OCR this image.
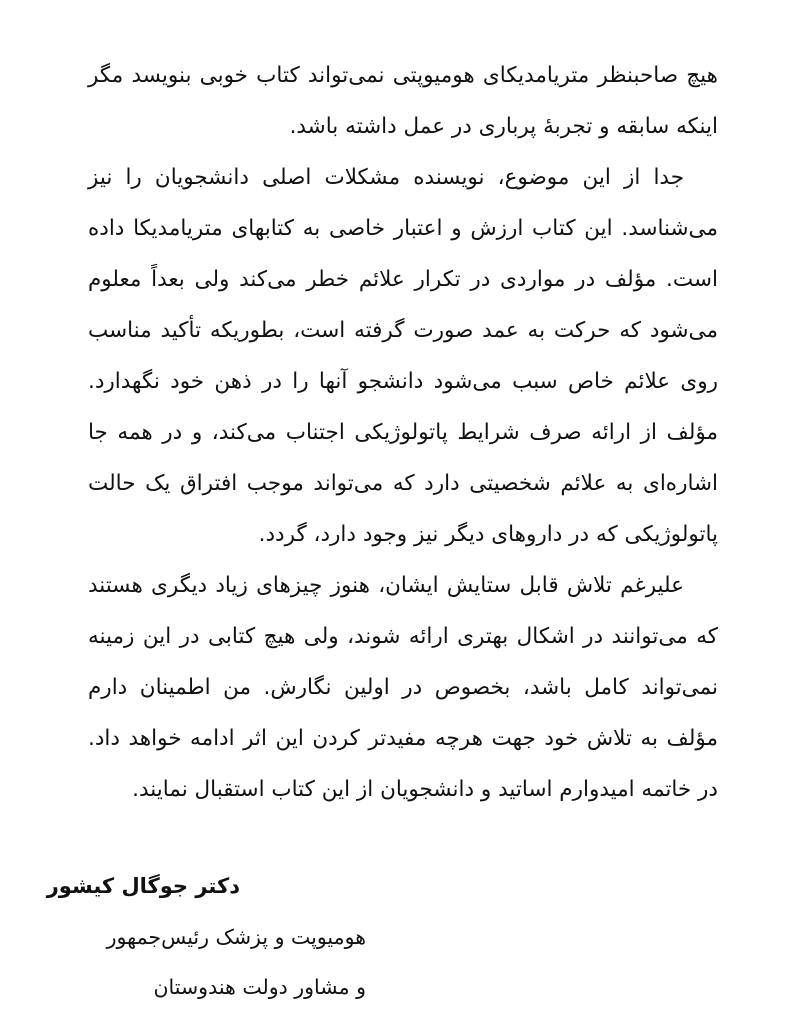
هیچ صاحبنظر متریامدیکای هومیوپتی نمی‌تواند کتاب خوبی بنویسد مگر اینکه سابقه و تجربۀ پرباری در عمل داشته باشد.

جدا از این موضوع، نویسنده مشکلات اصلی دانشجویان را نیز می‌شناسد. این کتاب ارزش و اعتبار خاصی به کتابهای متریامدیکا داده است. مؤلف در مواردی در تکرار علائم خطر می‌کند ولی بعداً معلوم می‌شود که حرکت به عمد صورت گرفته است، بطوریکه تأکید مناسب روی علائم خاص سبب می‌شود دانشجو آنها را در ذهن خود نگهدارد. مؤلف از ارائه صرف شرایط پاتولوژیکی اجتناب می‌کند، و در همه جا اشاره‌ای به علائم شخصیتی دارد که می‌تواند موجب افتراق یک حالت پاتولوژیکی که در داروهای دیگر نیز وجود دارد، گردد.

علیرغم تلاش قابل ستایش ایشان، هنوز چیزهای زیاد دیگری هستند که می‌توانند در اشکال بهتری ارائه شوند، ولی هیچ کتابی در این زمینه نمی‌تواند کامل باشد، بخصوص در اولین نگارش. من اطمینان دارم مؤلف به تلاش خود جهت هرچه مفیدتر کردن این اثر ادامه خواهد داد. در خاتمه امیدوارم اساتید و دانشجویان از این کتاب استقبال نمایند.

دکتر جوگال کیشور

هومیوپت و پزشک رئیس‌جمهور

و مشاور دولت هندوستان
